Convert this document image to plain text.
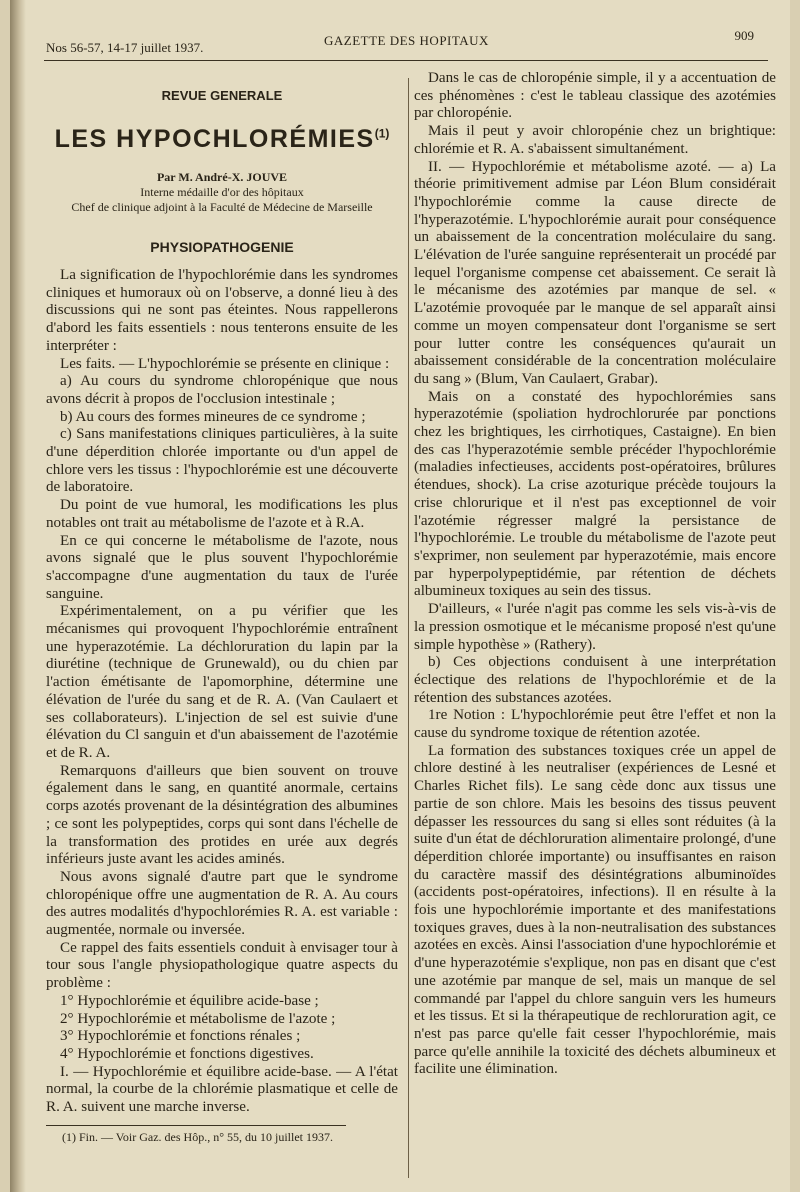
Nos 56-57, 14-17 juillet 1937.	GAZETTE DES HOPITAUX	909
REVUE GENERALE
LES HYPOCHLORÉMIES$^{(1)}$
Par M. André-X. JOUVE
Interne médaille d'or des hôpitaux
Chef de clinique adjoint à la Faculté de Médecine de Marseille
PHYSIOPATHOGENIE

La signification de l'hypochlorémie dans les syndromes cliniques et humoraux où on l'observe, a donné lieu à des discussions qui ne sont pas éteintes. Nous rappellerons d'abord les faits essentiels : nous tenterons ensuite de les interpréter :

Les faits. — L'hypochlorémie se présente en clinique :

a) Au cours du syndrome chloropénique que nous avons décrit à propos de l'occlusion intestinale ;

b) Au cours des formes mineures de ce syndrome ;

c) Sans manifestations cliniques particulières, à la suite d'une déperdition chlorée importante ou d'un appel de chlore vers les tissus : l'hypochlorémie est une découverte de laboratoire.

Du point de vue humoral, les modifications les plus notables ont trait au métabolisme de l'azote et à R.A.

En ce qui concerne le métabolisme de l'azote, nous avons signalé que le plus souvent l'hypochlorémie s'accompagne d'une augmentation du taux de l'urée sanguine.

Expérimentalement, on a pu vérifier que les mécanismes qui provoquent l'hypochlorémie entraînent une hyperazotémie. La déchloruration du lapin par la diurétine (technique de Grunewald), ou du chien par l'action émétisante de l'apomorphine, détermine une élévation de l'urée du sang et de R. A. (Van Caulaert et ses collaborateurs). L'injection de sel est suivie d'une élévation du Cl sanguin et d'un abaissement de l'azotémie et de R. A.

Remarquons d'ailleurs que bien souvent on trouve également dans le sang, en quantité anormale, certains corps azotés provenant de la désintégration des albumines ; ce sont les polypeptides, corps qui sont dans l'échelle de la transformation des protides en urée aux degrés inférieurs juste avant les acides aminés.

Nous avons signalé d'autre part que le syndrome chloropénique offre une augmentation de R. A. Au cours des autres modalités d'hypochlorémies R. A. est variable : augmentée, normale ou inversée.

Ce rappel des faits essentiels conduit à envisager tour à tour sous l'angle physiopathologique quatre aspects du problème :

1° Hypochlorémie et équilibre acide-base ;

2° Hypochlorémie et métabolisme de l'azote ;

3° Hypochlorémie et fonctions rénales ;

4° Hypochlorémie et fonctions digestives.

I. — Hypochlorémie et équilibre acide-base. — A l'état normal, la courbe de la chlorémie plasmatique et celle de R. A. suivent une marche inverse.

(1) Fin. — Voir Gaz. des Hôp., n° 55, du 10 juillet 1937.

Dans le cas de chloropénie simple, il y a accentuation de ces phénomènes : c'est le tableau classique des azotémies par chloropénie.

Mais il peut y avoir chloropénie chez un brightique: chlorémie et R. A. s'abaissent simultanément.

II. — Hypochlorémie et métabolisme azoté. — a) La théorie primitivement admise par Léon Blum considérait l'hypochlorémie comme la cause directe de l'hyperazotémie. L'hypochlorémie aurait pour conséquence un abaissement de la concentration moléculaire du sang. L'élévation de l'urée sanguine représenterait un procédé par lequel l'organisme compense cet abaissement. Ce serait là le mécanisme des azotémies par manque de sel. « L'azotémie provoquée par le manque de sel apparaît ainsi comme un moyen compensateur dont l'organisme se sert pour lutter contre les conséquences qu'aurait un abaissement considérable de la concentration moléculaire du sang » (Blum, Van Caulaert, Grabar).

Mais on a constaté des hypochlorémies sans hyperazotémie (spoliation hydrochlorurée par ponctions chez les brightiques, les cirrhotiques, Castaigne). En bien des cas l'hyperazotémie semble précéder l'hypochlorémie (maladies infectieuses, accidents post-opératoires, brûlures étendues, shock). La crise azoturique précède toujours la crise chlorurique et il n'est pas exceptionnel de voir l'azotémie régresser malgré la persistance de l'hypochlorémie. Le trouble du métabolisme de l'azote peut s'exprimer, non seulement par hyperazotémie, mais encore par hyperpolypeptidémie, par rétention de déchets albumineux toxiques au sein des tissus.

D'ailleurs, « l'urée n'agit pas comme les sels vis-à-vis de la pression osmotique et le mécanisme proposé n'est qu'une simple hypothèse » (Rathery).

b) Ces objections conduisent à une interprétation éclectique des relations de l'hypochlorémie et de la rétention des substances azotées.

1re Notion : L'hypochlorémie peut être l'effet et non la cause du syndrome toxique de rétention azotée.

La formation des substances toxiques crée un appel de chlore destiné à les neutraliser (expériences de Lesné et Charles Richet fils). Le sang cède donc aux tissus une partie de son chlore. Mais les besoins des tissus peuvent dépasser les ressources du sang si elles sont réduites (à la suite d'un état de déchloruration alimentaire prolongé, d'une déperdition chlorée importante) ou insuffisantes en raison du caractère massif des désintégrations albuminoïdes (accidents post-opératoires, infections). Il en résulte à la fois une hypochlorémie importante et des manifestations toxiques graves, dues à la non-neutralisation des substances azotées en excès. Ainsi l'association d'une hypochlorémie et d'une hyperazotémie s'explique, non pas en disant que c'est une azotémie par manque de sel, mais un manque de sel commandé par l'appel du chlore sanguin vers les humeurs et les tissus. Et si la thérapeutique de rechloruration agit, ce n'est pas parce qu'elle fait cesser l'hypochlorémie, mais parce qu'elle annihile la toxicité des déchets albumineux et facilite une élimination.
